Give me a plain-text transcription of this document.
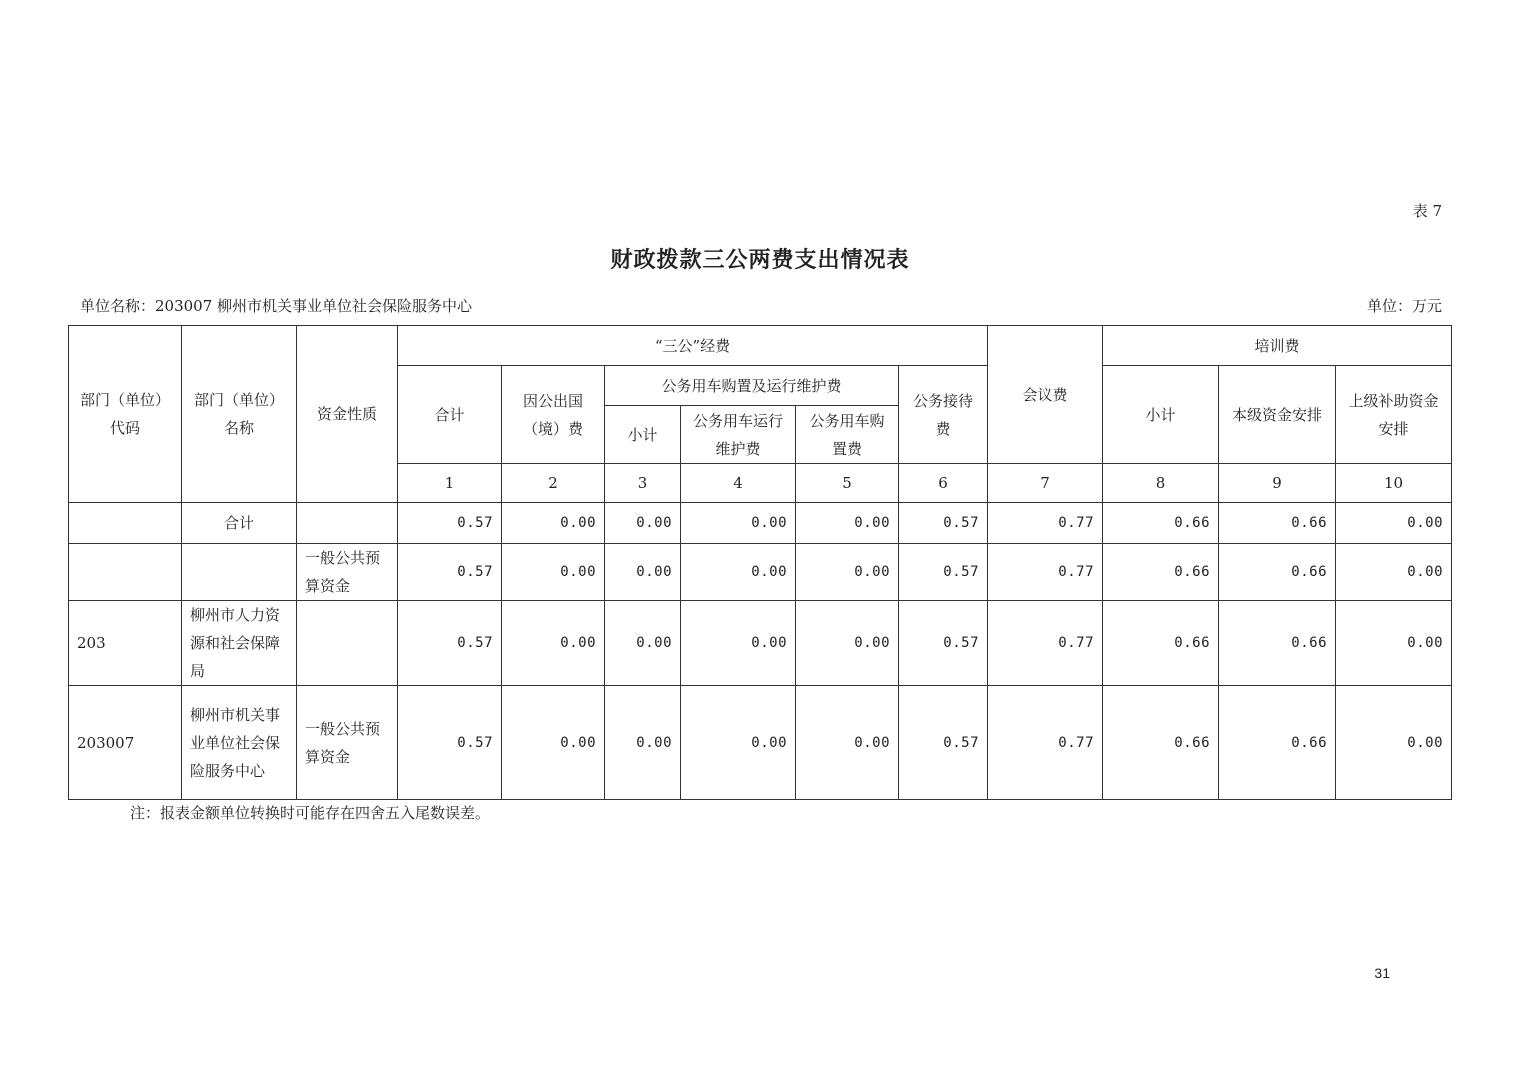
表 7
财政拨款三公两费支出情况表
单位名称：203007 柳州市机关事业单位社会保险服务中心	单位：万元
部门（单位）代码	部门（单位）名称	资金性质	“三公”经费						会议费	培训费		
			合计	因公出国（境）费	公务用车购置及运行维护费			公务接待费		小计	本级资金安排	上级补助资金安排
					小计	公务用车运行维护费	公务用车购置费					
			1	2	3	4	5	6	7	8	9	10
	合计		0.57	0.00	0.00	0.00	0.00	0.57	0.77	0.66	0.66	0.00
		一般公共预算资金	0.57	0.00	0.00	0.00	0.00	0.57	0.77	0.66	0.66	0.00
203	柳州市人力资源和社会保障局		0.57	0.00	0.00	0.00	0.00	0.57	0.77	0.66	0.66	0.00
203007	柳州市机关事业单位社会保险服务中心	一般公共预算资金	0.57	0.00	0.00	0.00	0.00	0.57	0.77	0.66	0.66	0.00
注：报表金额单位转换时可能存在四舍五入尾数误差。
31
